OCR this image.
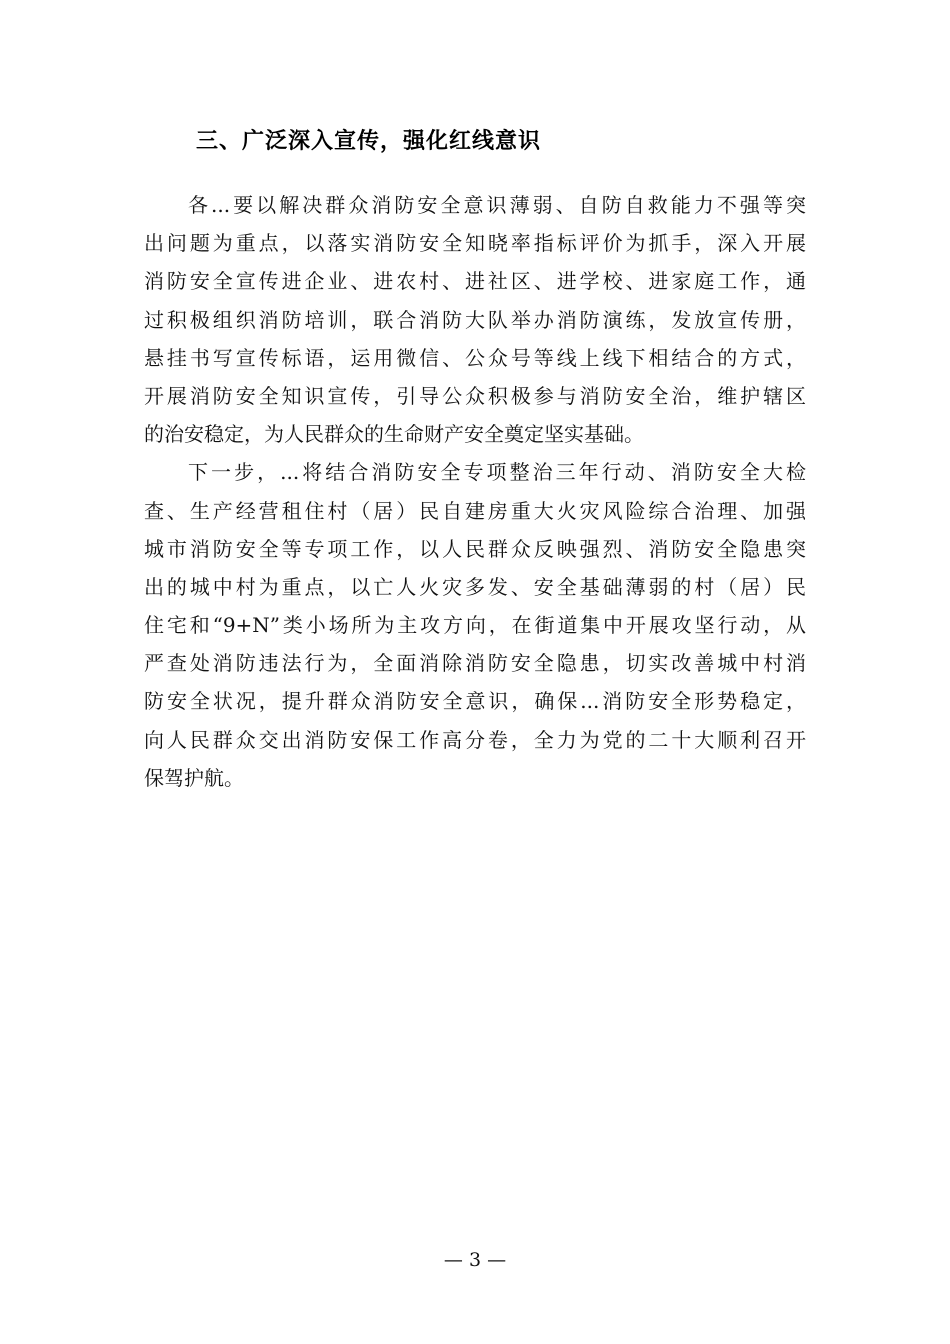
三、广泛深入宣传，强化红线意识
各...要以解决群众消防安全意识薄弱、自防自救能力不强等突
出问题为重点，以落实消防安全知晓率指标评价为抓手，深入开展
消防安全宣传进企业、进农村、进社区、进学校、进家庭工作，通
过积极组织消防培训，联合消防大队举办消防演练，发放宣传册，
悬挂书写宣传标语，运用微信、公众号等线上线下相结合的方式，
开展消防安全知识宣传，引导公众积极参与消防安全治，维护辖区
的治安稳定，为人民群众的生命财产安全奠定坚实基础。
下一步，...将结合消防安全专项整治三年行动、消防安全大检
查、生产经营租住村（居）民自建房重大火灾风险综合治理、加强
城市消防安全等专项工作，以人民群众反映强烈、消防安全隐患突
出的城中村为重点，以亡人火灾多发、安全基础薄弱的村（居）民
住宅和“9+N”类小场所为主攻方向，在街道集中开展攻坚行动，从
严查处消防违法行为，全面消除消防安全隐患，切实改善城中村消
防安全状况，提升群众消防安全意识，确保...消防安全形势稳定，
向人民群众交出消防安保工作高分卷，全力为党的二十大顺利召开
保驾护航。
— 3 —
